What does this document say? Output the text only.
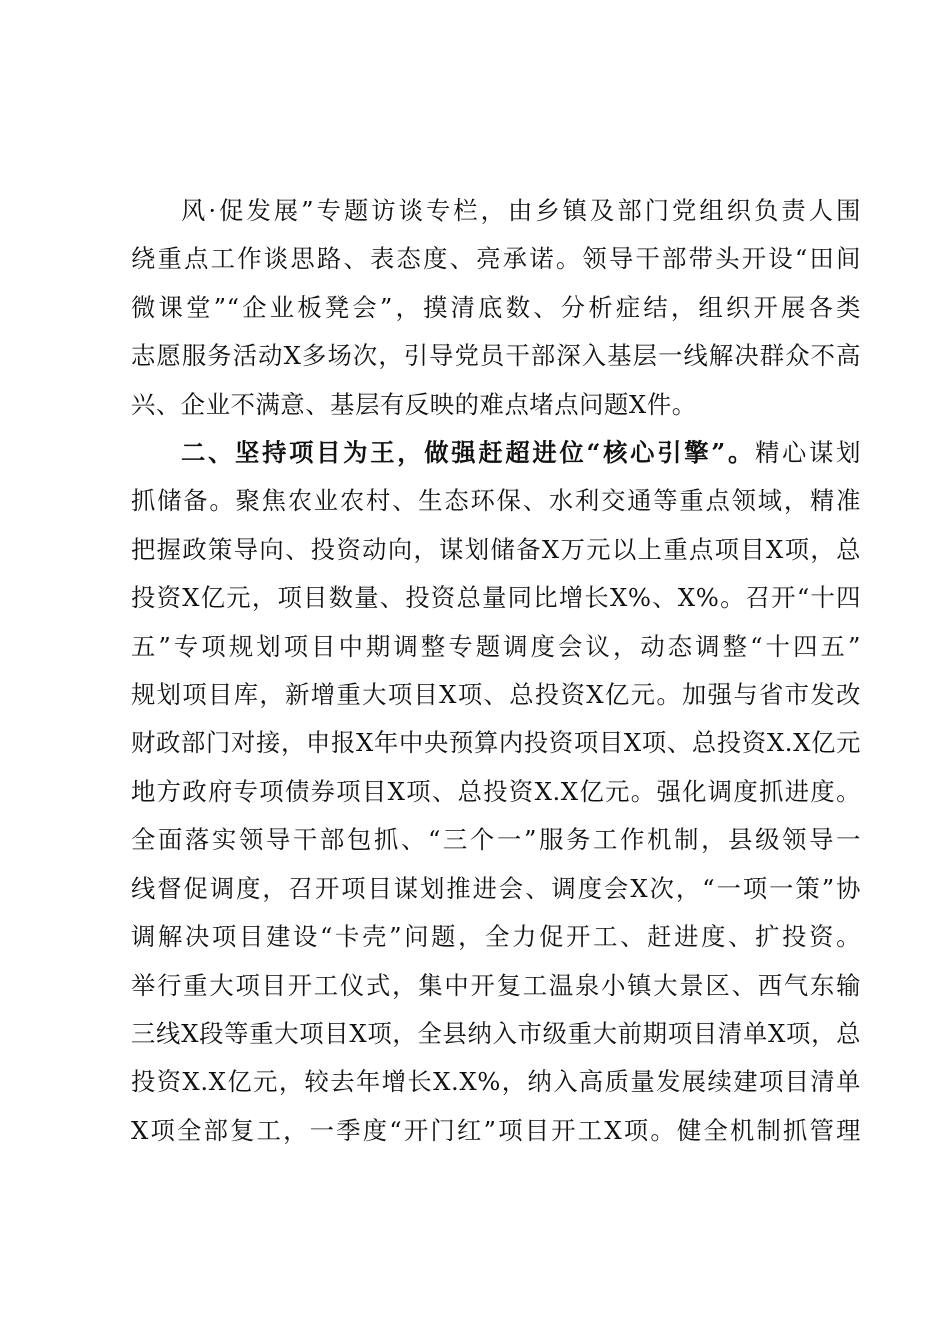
风·促发展”专题访谈专栏，由乡镇及部门党组织负责人围
绕重点工作谈思路、表态度、亮承诺。领导干部带头开设“田间
微课堂”“企业板凳会”，摸清底数、分析症结，组织开展各类
志愿服务活动X多场次，引导党员干部深入基层一线解决群众不高
兴、企业不满意、基层有反映的难点堵点问题X件。
二、坚持项目为王，做强赶超进位“核心引擎”。精心谋划
抓储备。聚焦农业农村、生态环保、水利交通等重点领域，精准
把握政策导向、投资动向，谋划储备X万元以上重点项目X项，总
投资X亿元，项目数量、投资总量同比增长X%、X%。召开“十四
五”专项规划项目中期调整专题调度会议，动态调整“十四五”
规划项目库，新增重大项目X项、总投资X亿元。加强与省市发改
财政部门对接，申报X年中央预算内投资项目X项、总投资X.X亿元
地方政府专项债券项目X项、总投资X.X亿元。强化调度抓进度。
全面落实领导干部包抓、“三个一”服务工作机制，县级领导一
线督促调度，召开项目谋划推进会、调度会X次，“一项一策”协
调解决项目建设“卡壳”问题，全力促开工、赶进度、扩投资。
举行重大项目开工仪式，集中开复工温泉小镇大景区、西气东输
三线X段等重大项目X项，全县纳入市级重大前期项目清单X项，总
投资X.X亿元，较去年增长X.X%，纳入高质量发展续建项目清单
X项全部复工，一季度“开门红”项目开工X项。健全机制抓管理
